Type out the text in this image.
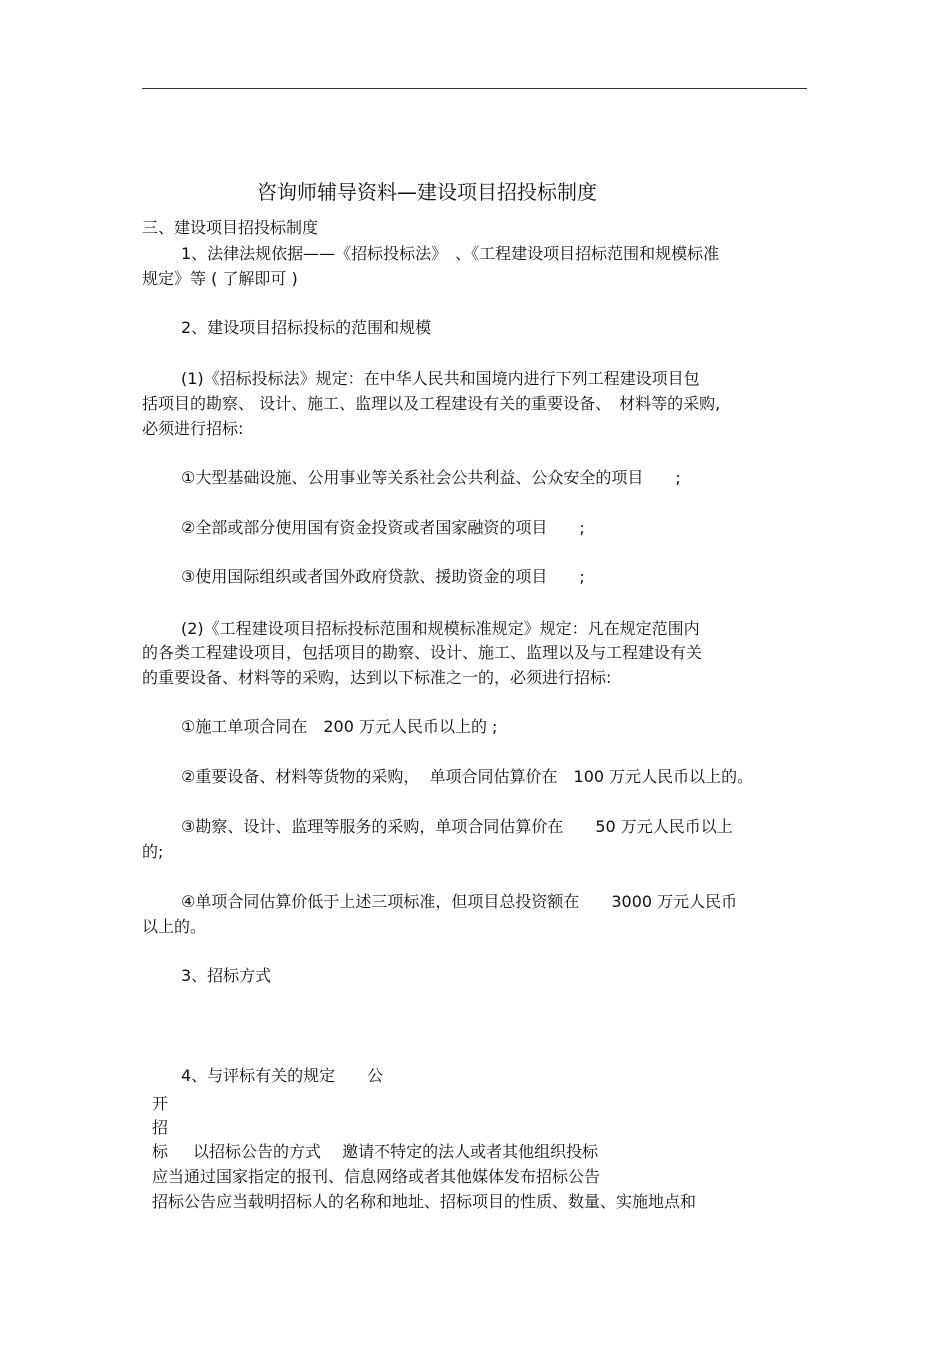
咨询师辅导资料—建设项目招投标制度
三、建设项目招投标制度
1、法律法规依据——《招标投标法》　、《工程建设项目招标范围和规模标准
规定》等 ( 了解即可 )
2、建设项目招标投标的范围和规模
(1)《招标投标法》规定：在中华人民共和国境内进行下列工程建设项目包
括项目的勘察、 设计、施工、监理以及工程建设有关的重要设备、　材料等的采购,
必须进行招标:
①大型基础设施、公用事业等关系社会公共利益、公众安全的项目　　;
②全部或部分使用国有资金投资或者国家融资的项目　　;
③使用国际组织或者国外政府贷款、援助资金的项目　　;
(2)《工程建设项目招标投标范围和规模标准规定》规定：凡在规定范围内
的各类工程建设项目，包括项目的勘察、设计、施工、监理以及与工程建设有关
的重要设备、材料等的采购，达到以下标准之一的，必须进行招标:
①施工单项合同在　200 万元人民币以上的 ;
②重要设备、材料等货物的采购，  单项合同估算价在　100 万元人民币以上的。
③勘察、设计、监理等服务的采购，单项合同估算价在　　50 万元人民币以上
的;
④单项合同估算价低于上述三项标准，但项目总投资额在　　3000 万元人民币
以上的。
3、招标方式
4、与评标有关的规定　　公
开
招
标 以招标公告的方式　 邀请不特定的法人或者其他组织投标
应当通过国家指定的报刊、信息网络或者其他媒体发布招标公告
招标公告应当载明招标人的名称和地址、招标项目的性质、数量、实施地点和
